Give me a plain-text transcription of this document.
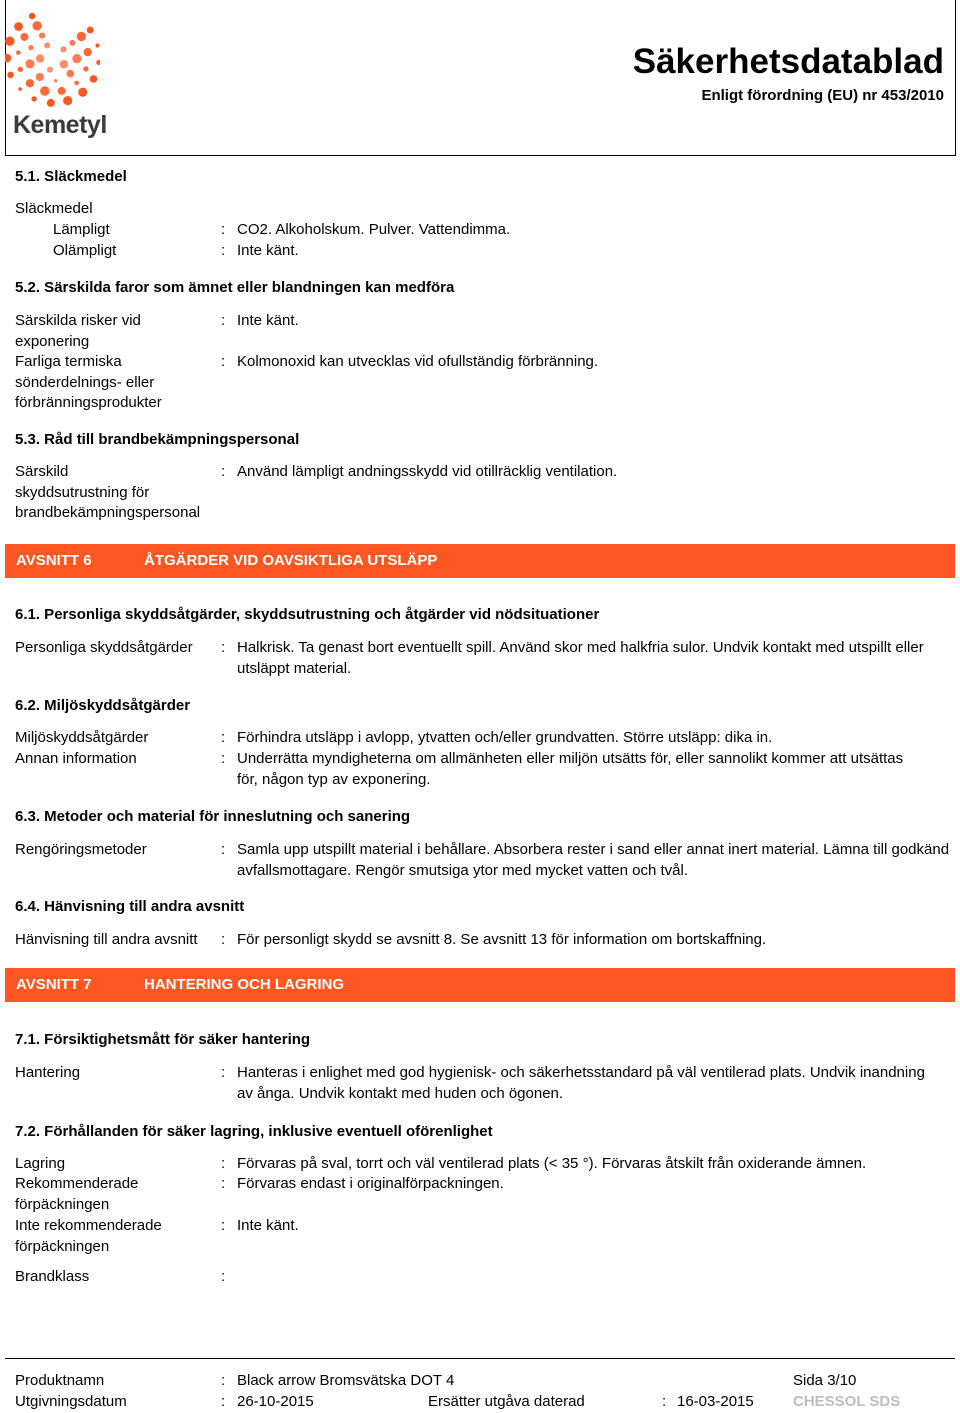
Kemetyl
Säkerhetsdatablad
Enligt förordning (EU) nr 453/2010
5.1. Släckmedel
Släckmedel
Lämpligt	: CO2. Alkoholskum. Pulver. Vattendimma.
Olämpligt	: Inte känt.
5.2. Särskilda faror som ämnet eller blandningen kan medföra
Särskilda risker vid
exponering
: Inte känt.
Farliga termiska
sönderdelnings- eller
förbränningsprodukter
: Kolmonoxid kan utvecklas vid ofullständig förbränning.
5.3. Råd till brandbekämpningspersonal
Särskild
skyddsutrustning för
brandbekämpningspersonal
: Använd lämpligt andningsskydd vid otillräcklig ventilation.
AVSNITT 6	ÅTGÄRDER VID OAVSIKTLIGA UTSLÄPP
6.1. Personliga skyddsåtgärder, skyddsutrustning och åtgärder vid nödsituationer
Personliga skyddsåtgärder : Halkrisk. Ta genast bort eventuellt spill. Använd skor med halkfria sulor. Undvik kontakt med utspillt eller utsläppt material.
6.2. Miljöskyddsåtgärder
Miljöskyddsåtgärder	: Förhindra utsläpp i avlopp, ytvatten och/eller grundvatten. Större utsläpp: dika in.
Annan information	: Underrätta myndigheterna om allmänheten eller miljön utsätts för, eller sannolikt kommer att utsättas för, någon typ av exponering.
6.3. Metoder och material för inneslutning och sanering
Rengöringsmetoder	: Samla upp utspillt material i behållare. Absorbera rester i sand eller annat inert material. Lämna till godkänd avfallsmottagare. Rengör smutsiga ytor med mycket vatten och tvål.
6.4. Hänvisning till andra avsnitt
Hänvisning till andra avsnitt : För personligt skydd se avsnitt 8. Se avsnitt 13 för information om bortskaffning.
AVSNITT 7	HANTERING OCH LAGRING
7.1. Försiktighetsmått för säker hantering
Hantering	: Hanteras i enlighet med god hygienisk- och säkerhetsstandard på väl ventilerad plats. Undvik inandning av ånga. Undvik kontakt med huden och ögonen.
7.2. Förhållanden för säker lagring, inklusive eventuell oförenlighet
Lagring	: Förvaras på sval, torrt och väl ventilerad plats (< 35 °). Förvaras åtskilt från oxiderande ämnen.
Rekommenderade
förpäckningen
: Förvaras endast i originalförpackningen.
Inte rekommenderade
förpäckningen
: Inte känt.
Brandklass	:
Produktnamn	: Black arrow Bromsvätska DOT 4	Sida 3/10
Utgivningsdatum	: 26-10-2015	Ersätter utgåva daterad	: 16-03-2015	CHESSOL SDS
